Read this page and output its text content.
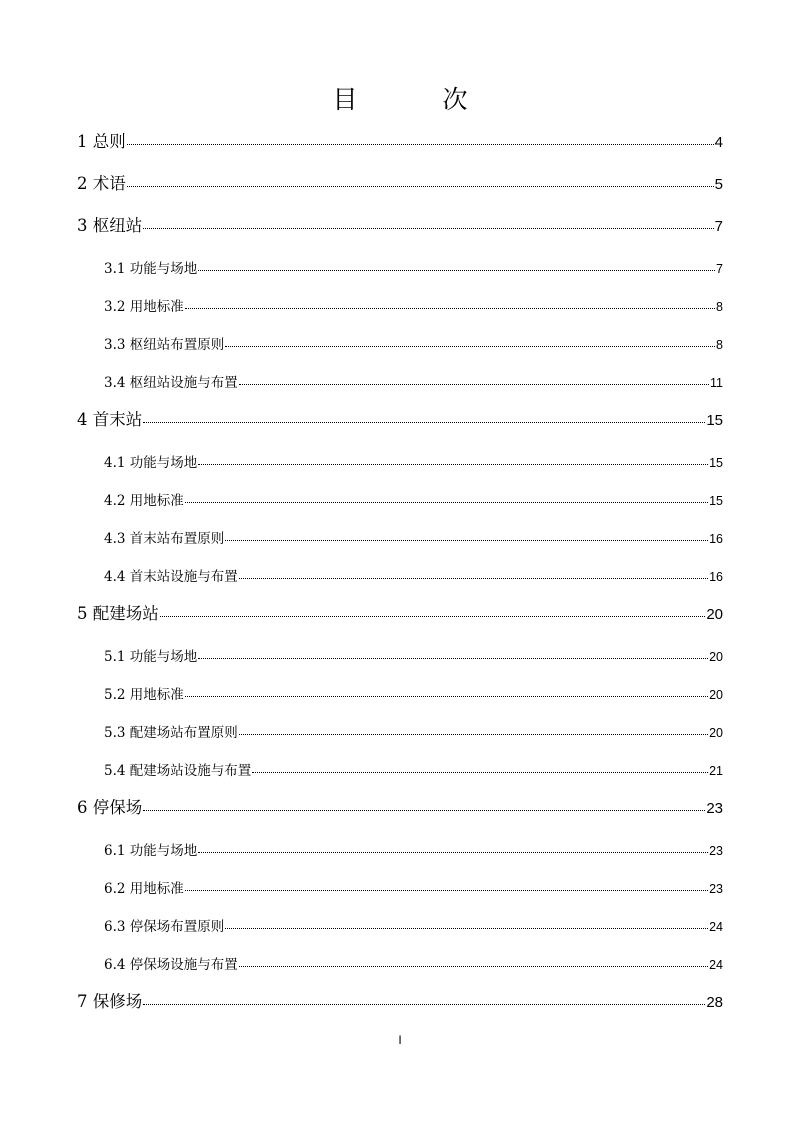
目　次
1 总则	4
2 术语	5
3 枢纽站	7
3.1 功能与场地	7
3.2 用地标准	8
3.3 枢纽站布置原则	8
3.4 枢纽站设施与布置	11
4 首末站	15
4.1 功能与场地	15
4.2 用地标准	15
4.3 首末站布置原则	16
4.4 首末站设施与布置	16
5 配建场站	20
5.1 功能与场地	20
5.2 用地标准	20
5.3 配建场站布置原则	20
5.4 配建场站设施与布置	21
6 停保场	23
6.1 功能与场地	23
6.2 用地标准	23
6.3 停保场布置原则	24
6.4 停保场设施与布置	24
7 保修场	28
I
